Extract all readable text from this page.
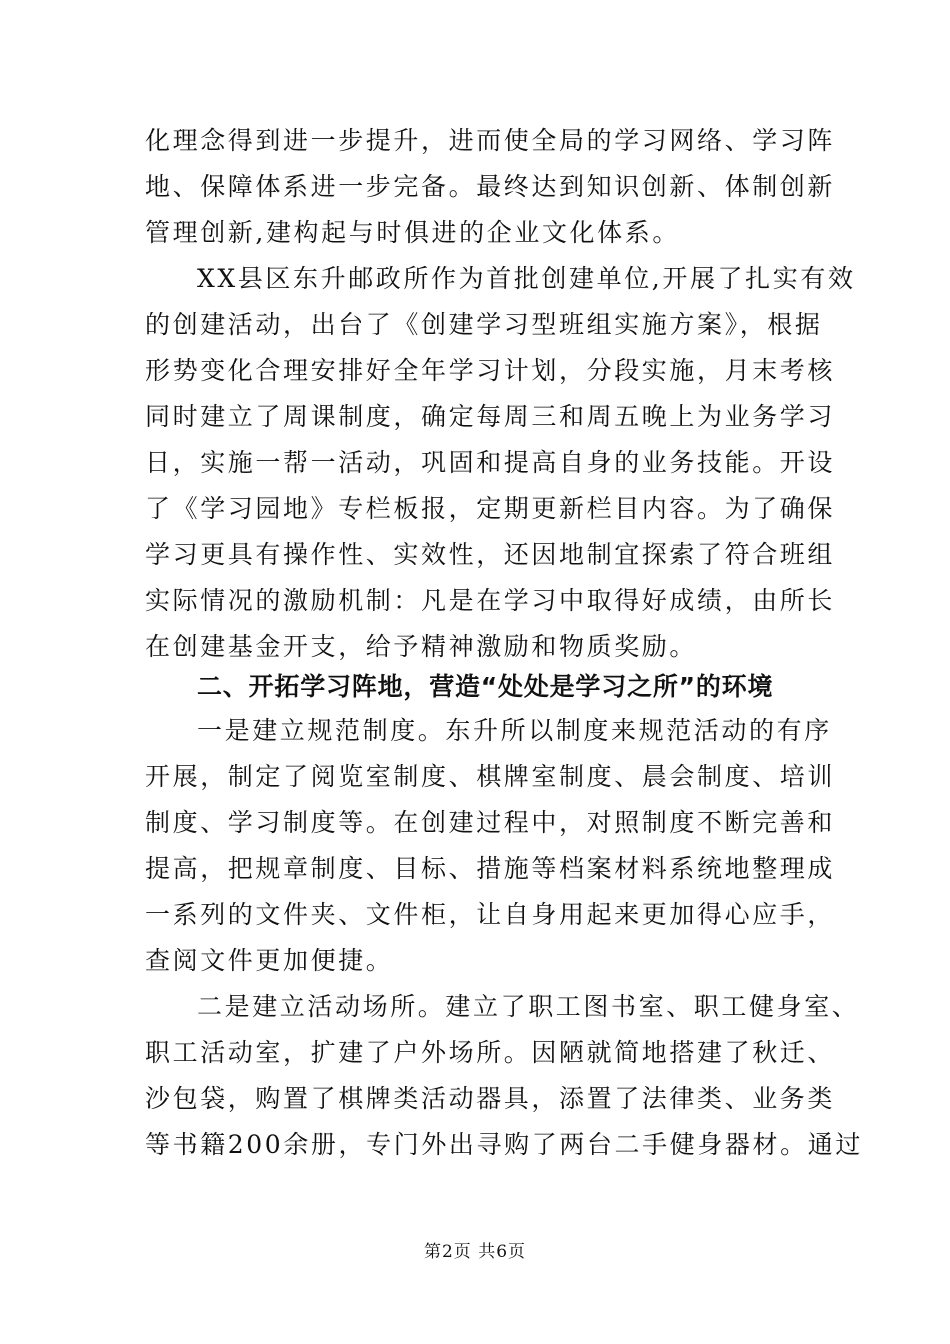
化理念得到进一步提升，进而使全局的学习网络、学习阵
地、保障体系进一步完备。最终达到知识创新、体制创新
管理创新,建构起与时俱进的企业文化体系。
XX县区东升邮政所作为首批创建单位,开展了扎实有效
的创建活动，出台了《创建学习型班组实施方案》，根据
形势变化合理安排好全年学习计划，分段实施，月末考核
同时建立了周课制度，确定每周三和周五晚上为业务学习
日，实施一帮一活动，巩固和提高自身的业务技能。开设
了《学习园地》专栏板报，定期更新栏目内容。为了确保
学习更具有操作性、实效性，还因地制宜探索了符合班组
实际情况的激励机制：凡是在学习中取得好成绩，由所长
在创建基金开支，给予精神激励和物质奖励。
二、开拓学习阵地，营造“处处是学习之所”的环境
一是建立规范制度。东升所以制度来规范活动的有序
开展，制定了阅览室制度、棋牌室制度、晨会制度、培训
制度、学习制度等。在创建过程中，对照制度不断完善和
提高，把规章制度、目标、措施等档案材料系统地整理成
一系列的文件夹、文件柜，让自身用起来更加得心应手，
查阅文件更加便捷。
二是建立活动场所。建立了职工图书室、职工健身室、
职工活动室，扩建了户外场所。因陋就简地搭建了秋迁、
沙包袋，购置了棋牌类活动器具，添置了法律类、业务类
等书籍200余册，专门外出寻购了两台二手健身器材。通过
第2页 共6页
